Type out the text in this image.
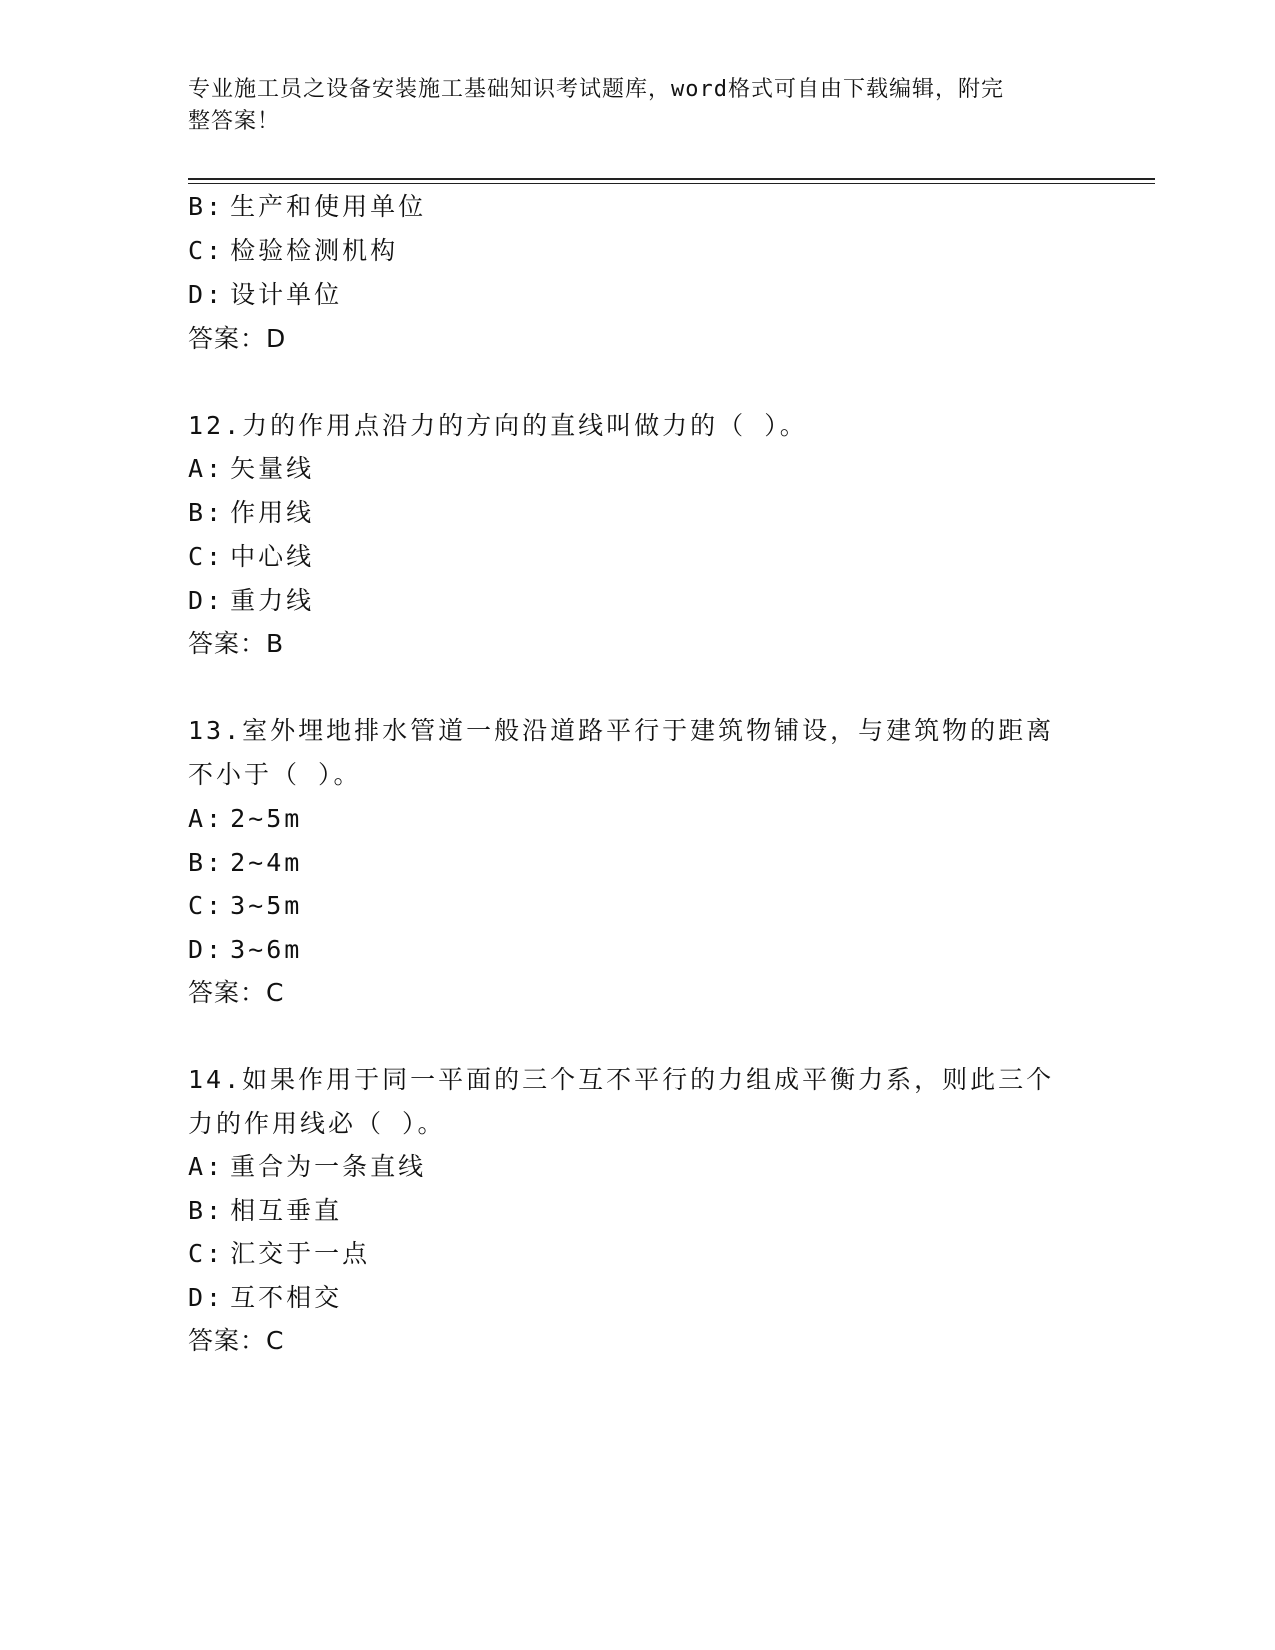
专业施工员之设备安装施工基础知识考试题库，word格式可自由下载编辑，附完
整答案！
B: 生产和使用单位
C: 检验检测机构
D: 设计单位
答案：D
12.力的作用点沿力的方向的直线叫做力的（ ）。
A: 矢量线
B: 作用线
C: 中心线
D: 重力线
答案：B
13.室外埋地排水管道一般沿道路平行于建筑物铺设，与建筑物的距离
不小于（ ）。
A: 2~5m
B: 2~4m
C: 3~5m
D: 3~6m
答案：C
14.如果作用于同一平面的三个互不平行的力组成平衡力系，则此三个
力的作用线必（ ）。
A: 重合为一条直线
B: 相互垂直
C: 汇交于一点
D: 互不相交
答案：C
